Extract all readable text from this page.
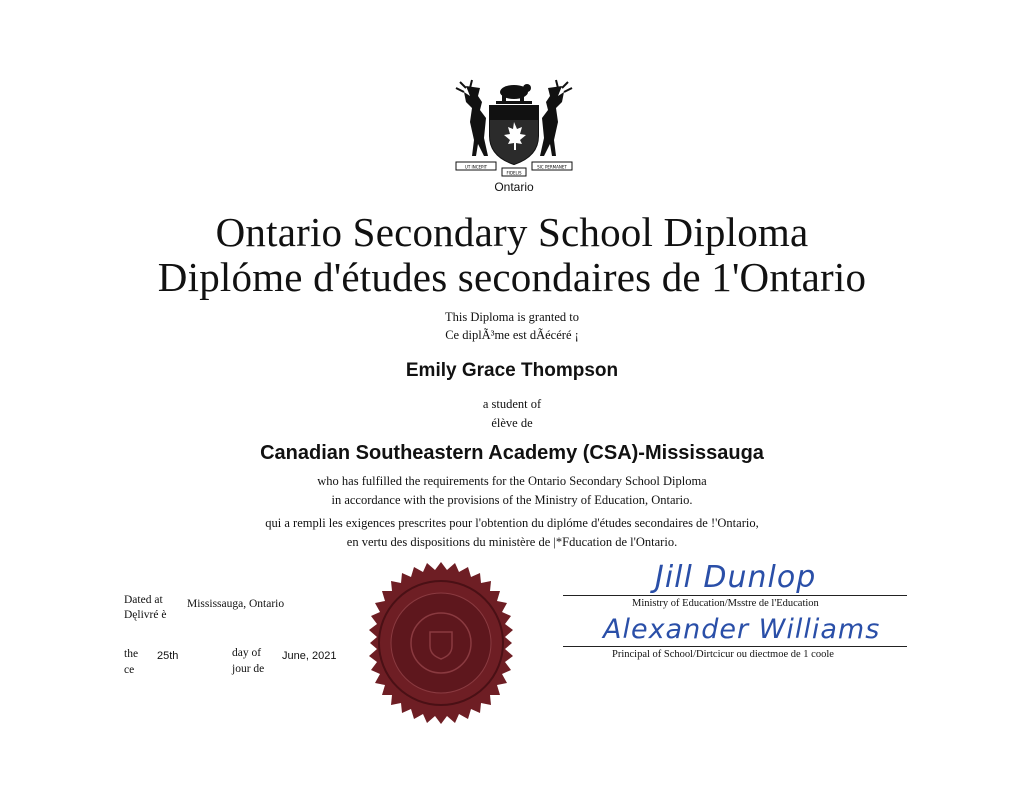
UT INCEPIT
FIDELIS
SIC PERMANET
Ontario
Ontario Secondary School Diploma
Diplóme d'études secondaires de 1'Ontario
This Diploma is granted to
Ce diplÃ³me est dÃécéré ¡
Emily Grace Thompson
a student of
élève de
Canadian Southeastern Academy (CSA)-Mississauga
who has fulfilled the requirements for the Ontario Secondary School Diploma
in accordance with the provisions of the Ministry of Education, Ontario.
qui a rempli les exigences prescrites pour l'obtention du diplóme d'études secondaires de !'Ontario,
en vertu des dispositions du ministère de |*Fducation de l'Ontario.
Dated at
Dęlivré è
Mississauga, Ontario
the
ce
25th	day of
jour de
June, 2021
Jill Dunlop
Ministry of Education/Msstre de l'Education
Alexander Williams
Principal of School/Dirtcicur ou diectmoe de 1 coole
